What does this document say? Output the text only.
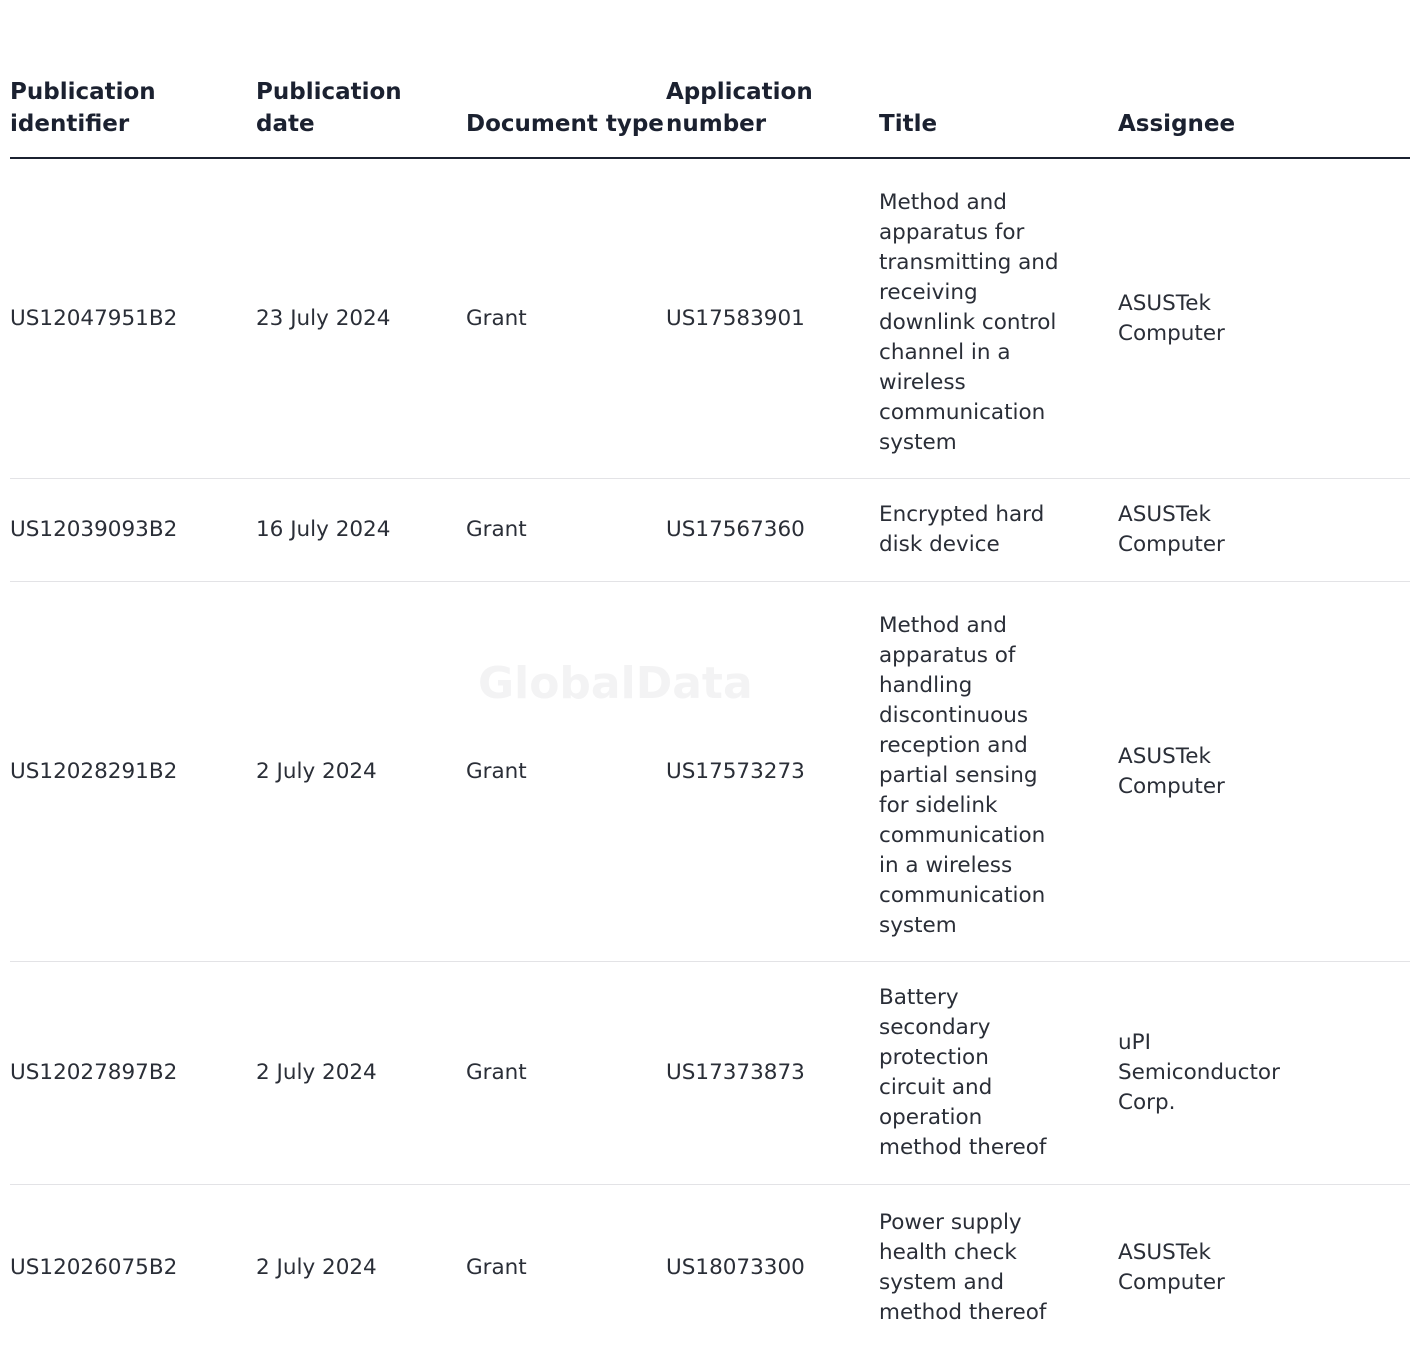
GlobalData
Publication identifier	Publication date	Document type	Application number	Title	Assignee

US12047951B2	23 July 2024	Grant	US17583901	Method and apparatus for transmitting and receiving downlink control channel in a wireless communication system	ASUSTek Computer

US12039093B2	16 July 2024	Grant	US17567360	Encrypted hard disk device	ASUSTek Computer

US12028291B2	2 July 2024	Grant	US17573273	Method and apparatus of handling discontinuous reception and partial sensing for sidelink communication in a wireless communication system	ASUSTek Computer

US12027897B2	2 July 2024	Grant	US17373873	Battery secondary protection circuit and operation method thereof	uPI Semiconductor Corp.

US12026075B2	2 July 2024	Grant	US18073300	Power supply health check system and method thereof	ASUSTek Computer
